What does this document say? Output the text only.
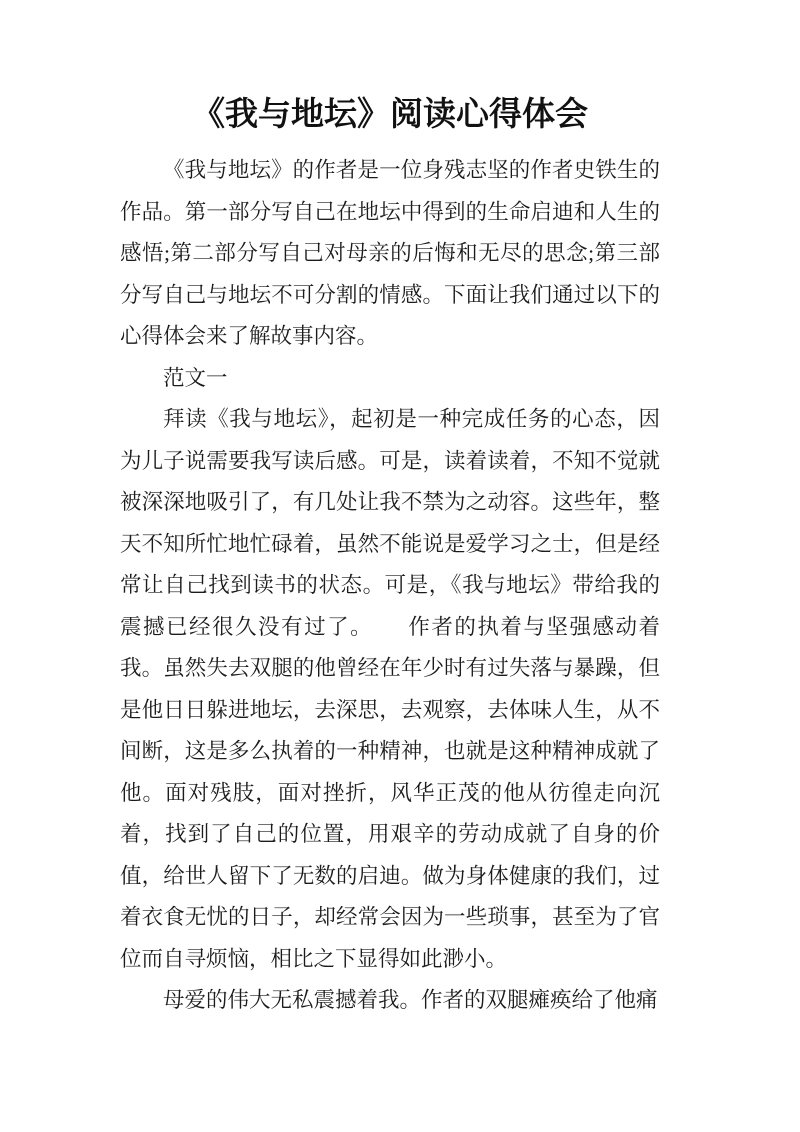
《我与地坛》阅读心得体会

《我与地坛》的作者是一位身残志坚的作者史铁生的作品。第一部分写自己在地坛中得到的生命启迪和人生的感悟;第二部分写自己对母亲的后悔和无尽的思念;第三部分写自己与地坛不可分割的情感。下面让我们通过以下的心得体会来了解故事内容。

范文一

拜读《我与地坛》，起初是一种完成任务的心态，因为儿子说需要我写读后感。可是，读着读着，不知不觉就被深深地吸引了，有几处让我不禁为之动容。这些年，整天不知所忙地忙碌着，虽然不能说是爱学习之士，但是经常让自己找到读书的状态。可是，《我与地坛》带给我的震撼已经很久没有过了。　　作者的执着与坚强感动着我。虽然失去双腿的他曾经在年少时有过失落与暴躁，但是他日日躲进地坛，去深思，去观察，去体味人生，从不间断，这是多么执着的一种精神，也就是这种精神成就了他。面对残肢，面对挫折，风华正茂的他从彷徨走向沉着，找到了自己的位置，用艰辛的劳动成就了自身的价值，给世人留下了无数的启迪。做为身体健康的我们，过着衣食无忧的日子，却经常会因为一些琐事，甚至为了官位而自寻烦恼，相比之下显得如此渺小。

母爱的伟大无私震撼着我。作者的双腿瘫痪给了他痛
